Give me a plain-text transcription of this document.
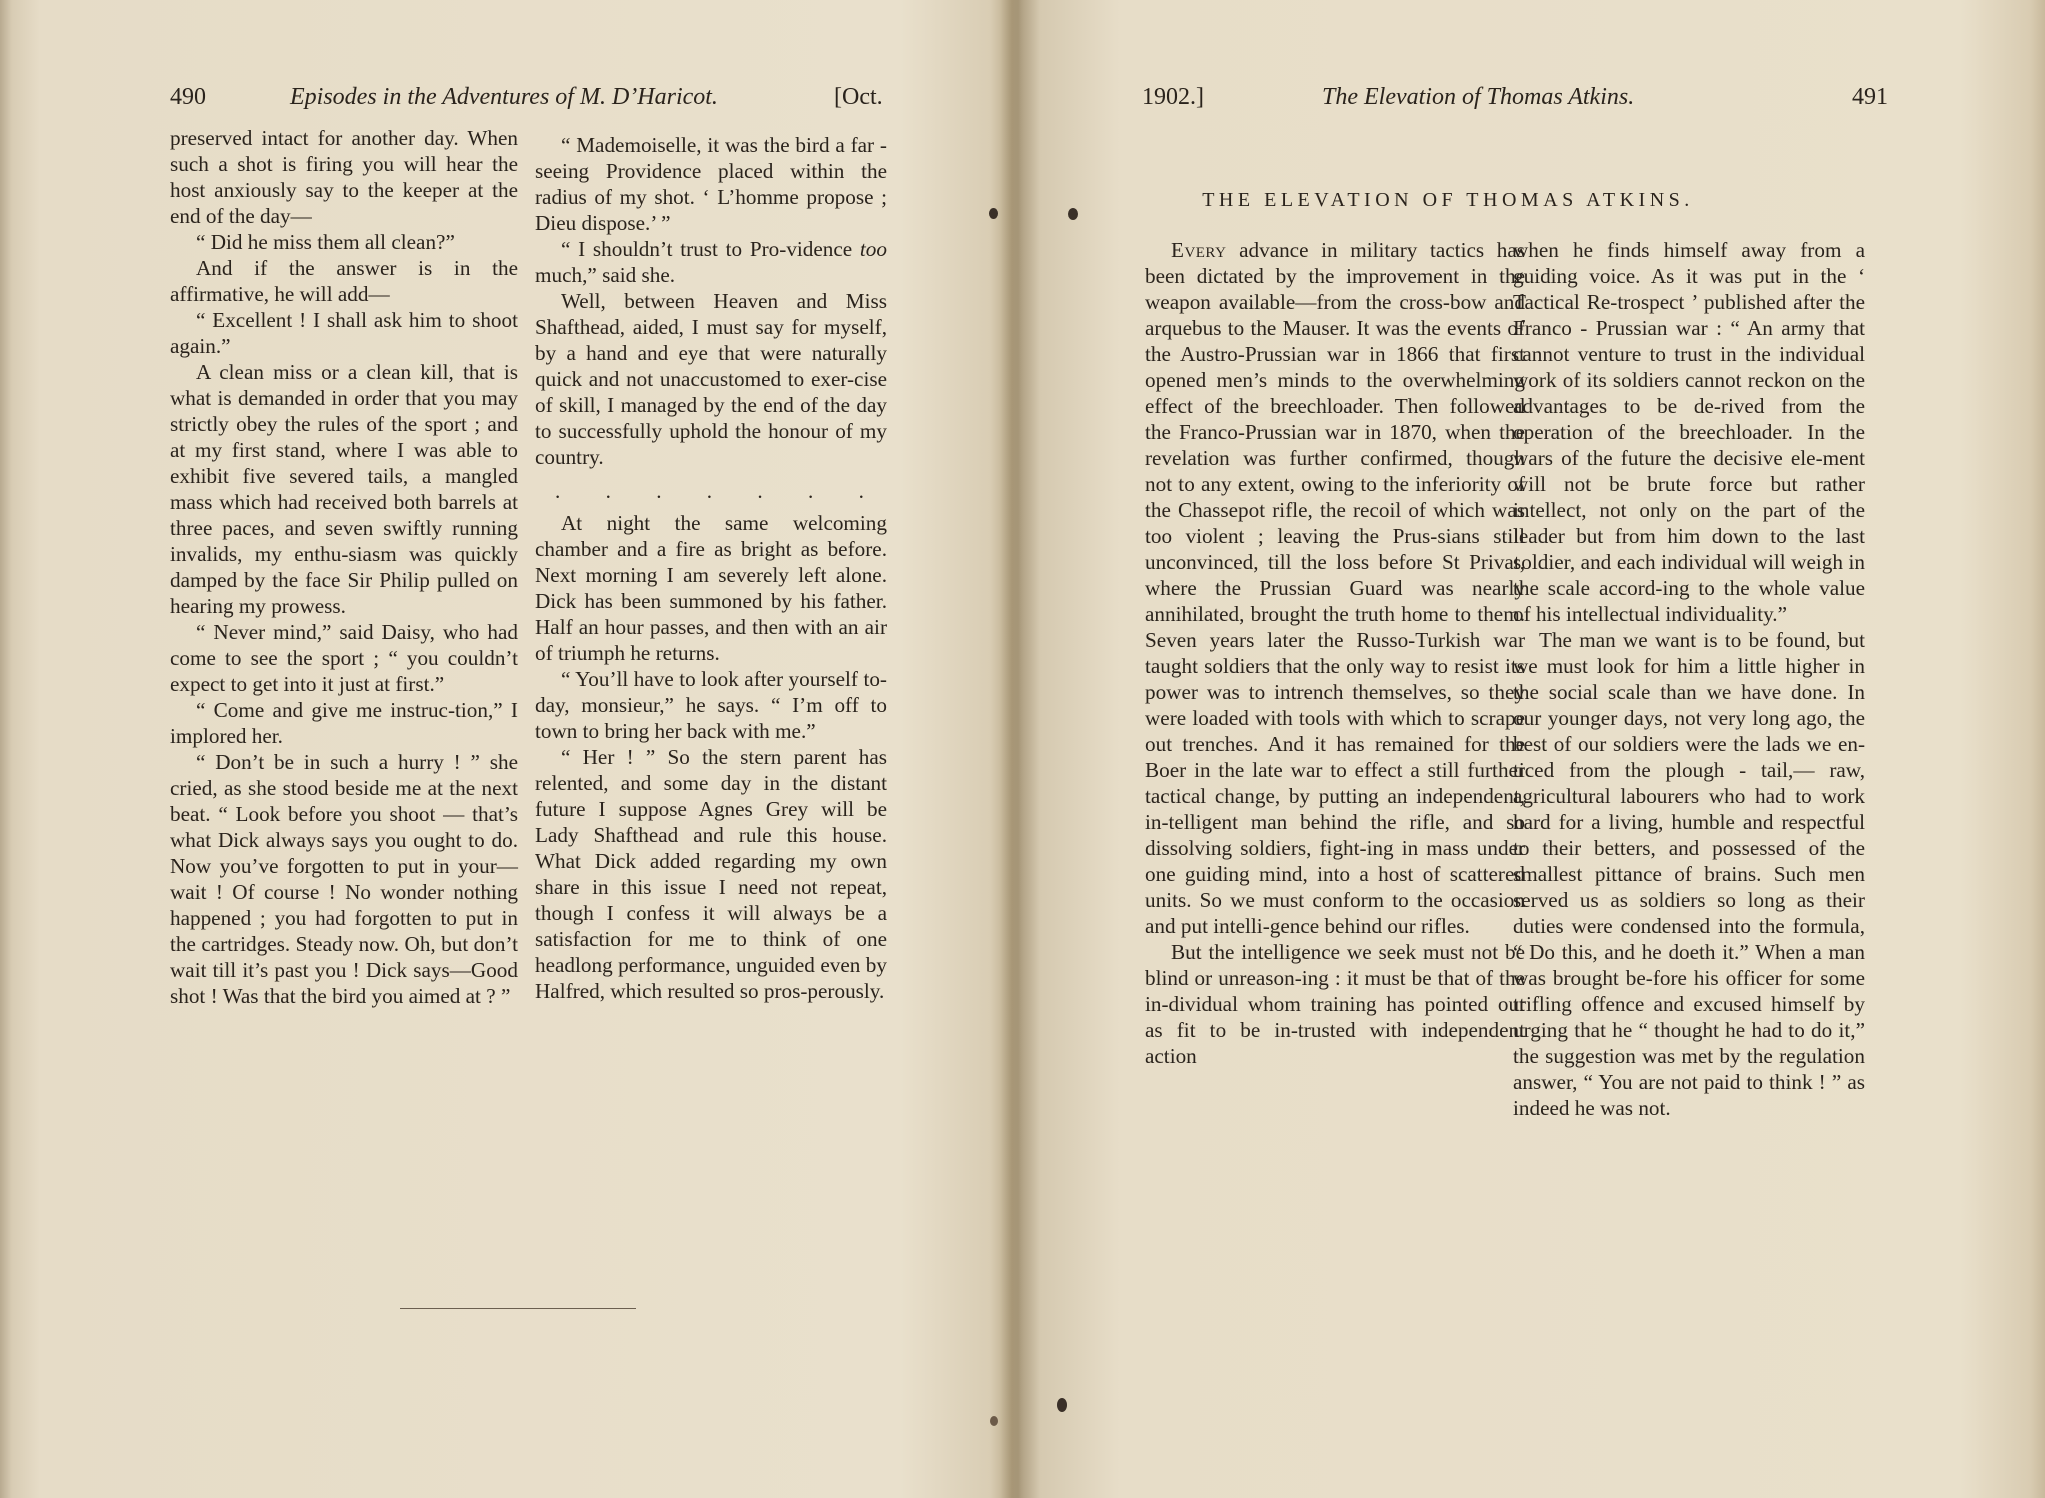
490	Episodes in the Adventures of M. D’Haricot.	[Oct.

preserved intact for another day. When such a shot is firing you will hear the host anxiously say to the keeper at the end of the day—

“ Did he miss them all clean?”

And if the answer is in the affirmative, he will add—

“ Excellent ! I shall ask him to shoot again.”

A clean miss or a clean kill, that is what is demanded in order that you may strictly obey the rules of the sport ; and at my first stand, where I was able to exhibit five severed tails, a mangled mass which had received both barrels at three paces, and seven swiftly running invalids, my enthu-siasm was quickly damped by the face Sir Philip pulled on hearing my prowess.

“ Never mind,” said Daisy, who had come to see the sport ; “ you couldn’t expect to get into it just at first.”

“ Come and give me instruc-tion,” I implored her.

“ Don’t be in such a hurry ! ” she cried, as she stood beside me at the next beat. “ Look before you shoot — that’s what Dick always says you ought to do. Now you’ve forgotten to put in your—wait ! Of course ! No wonder nothing happened ; you had forgotten to put in the cartridges. Steady now. Oh, but don’t wait till it’s past you ! Dick says—Good shot ! Was that the bird you aimed at ? ”

“ Mademoiselle, it was the bird a far - seeing Providence placed within the radius of my shot. ‘ L’homme propose ; Dieu dispose.’ ”

“ I shouldn’t trust to Pro-vidence too much,” said she.

Well, between Heaven and Miss Shafthead, aided, I must say for myself, by a hand and eye that were naturally quick and not unaccustomed to exer-cise of skill, I managed by the end of the day to successfully uphold the honour of my country.

. . . . . . .

At night the same welcoming chamber and a fire as bright as before. Next morning I am severely left alone. Dick has been summoned by his father. Half an hour passes, and then with an air of triumph he returns.

“ You’ll have to look after yourself to-day, monsieur,” he says. “ I’m off to town to bring her back with me.”

“ Her ! ” So the stern parent has relented, and some day in the distant future I suppose Agnes Grey will be Lady Shafthead and rule this house. What Dick added regarding my own share in this issue I need not repeat, though I confess it will always be a satisfaction for me to think of one headlong performance, unguided even by Halfred, which resulted so pros-perously.

1902.]	The Elevation of Thomas Atkins.	491
THE ELEVATION OF THOMAS ATKINS.

Every advance in military tactics has been dictated by the improvement in the weapon available—from the cross-bow and arquebus to the Mauser. It was the events of the Austro-Prussian war in 1866 that first opened men’s minds to the overwhelming effect of the breechloader. Then followed the Franco-Prussian war in 1870, when the revelation was further confirmed, though not to any extent, owing to the inferiority of the Chassepot rifle, the recoil of which was too violent ; leaving the Prus-sians still unconvinced, till the loss before St Privat, where the Prussian Guard was nearly annihilated, brought the truth home to them. Seven years later the Russo-Turkish war taught soldiers that the only way to resist its power was to intrench themselves, so they were loaded with tools with which to scrape out trenches. And it has remained for the Boer in the late war to effect a still further tactical change, by putting an independent, in-telligent man behind the rifle, and so dissolving soldiers, fight-ing in mass under one guiding mind, into a host of scattered units. So we must conform to the occasion and put intelli-gence behind our rifles.

But the intelligence we seek must not be blind or unreason-ing : it must be that of the in-dividual whom training has pointed out as fit to be in-trusted with independent action

when he finds himself away from a guiding voice. As it was put in the ‘ Tactical Re-trospect ’ published after the Franco - Prussian war : “ An army that cannot venture to trust in the individual work of its soldiers cannot reckon on the advantages to be de-rived from the operation of the breechloader. In the wars of the future the decisive ele-ment will not be brute force but rather intellect, not only on the part of the leader but from him down to the last soldier, and each individual will weigh in the scale accord-ing to the whole value of his intellectual individuality.”

The man we want is to be found, but we must look for him a little higher in the social scale than we have done. In our younger days, not very long ago, the best of our soldiers were the lads we en-ticed from the plough - tail,— raw, agricultural labourers who had to work hard for a living, humble and respectful to their betters, and possessed of the smallest pittance of brains. Such men served us as soldiers so long as their duties were condensed into the formula, “ Do this, and he doeth it.” When a man was brought be-fore his officer for some trifling offence and excused himself by urging that he “ thought he had to do it,” the suggestion was met by the regulation answer, “ You are not paid to think ! ” as indeed he was not.
